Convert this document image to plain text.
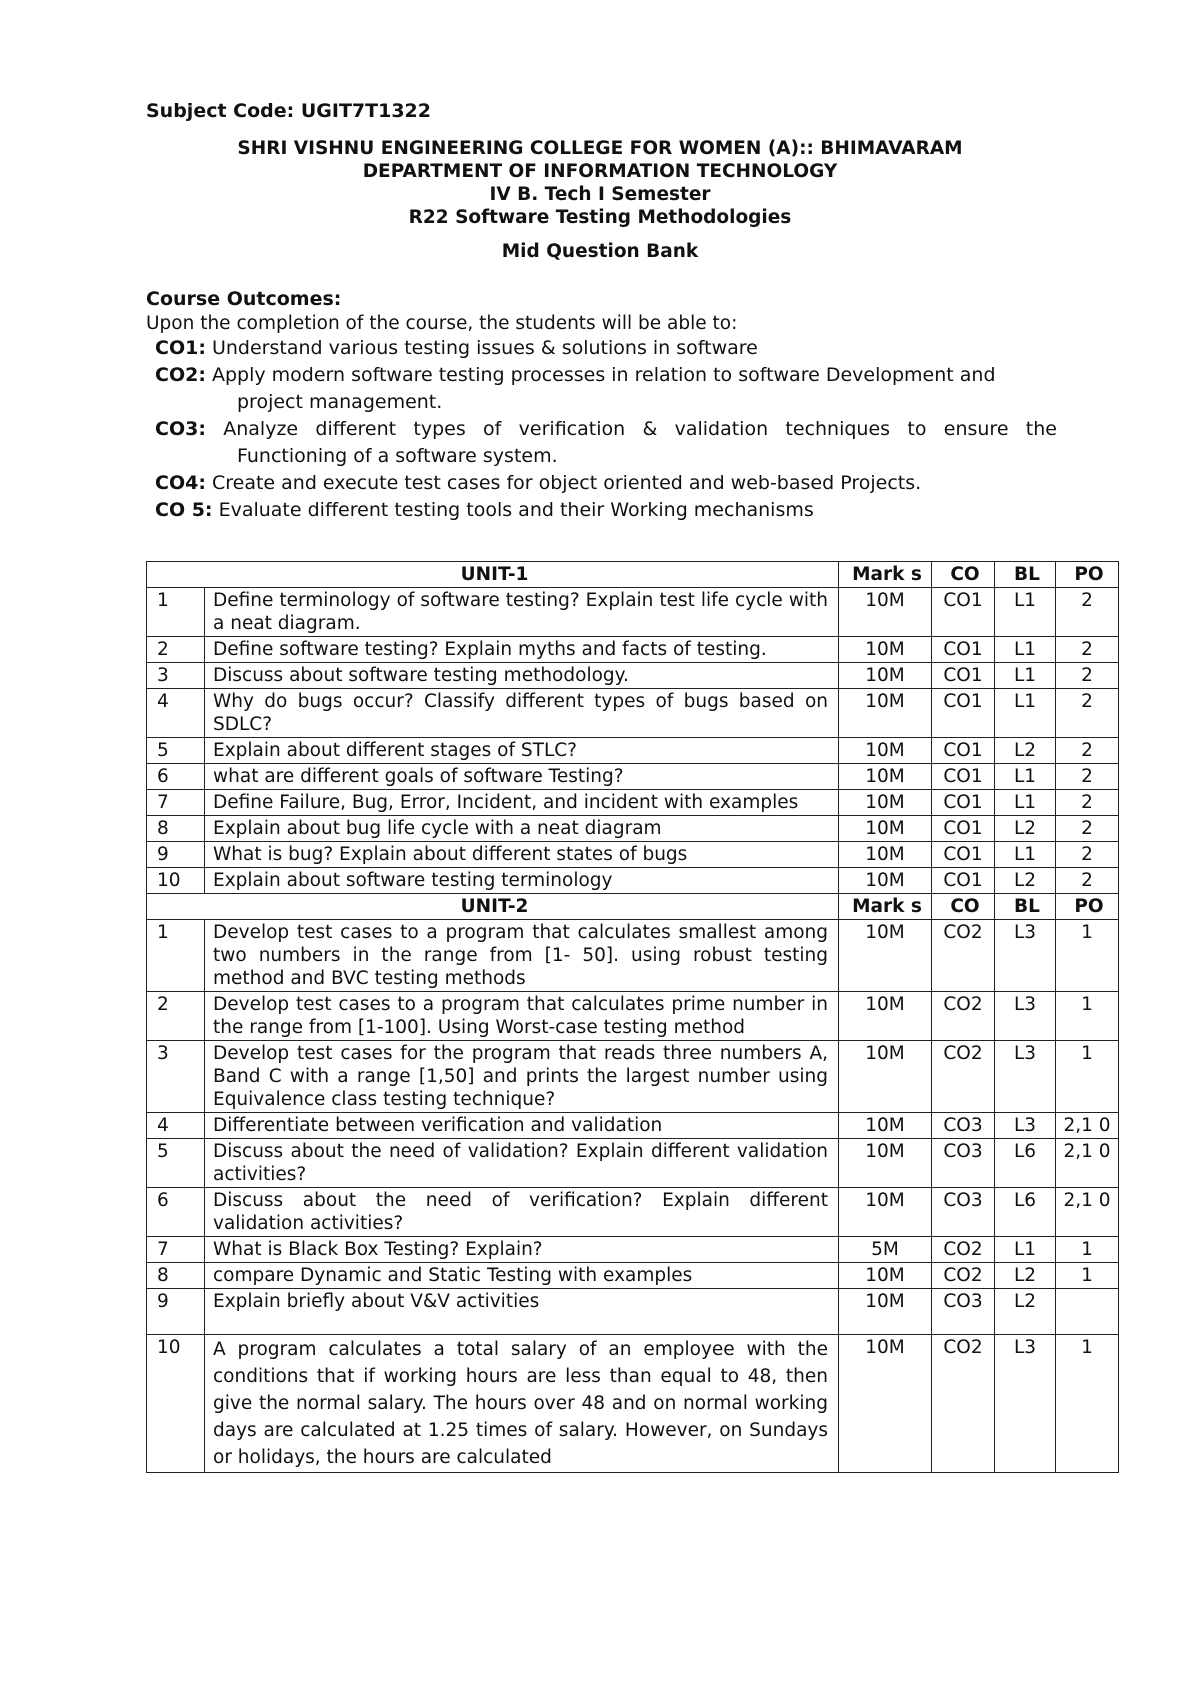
Subject Code: UGIT7T1322
SHRI VISHNU ENGINEERING COLLEGE FOR WOMEN (A):: BHIMAVARAM
DEPARTMENT OF INFORMATION TECHNOLOGY
IV B. Tech I Semester
R22 Software Testing Methodologies
Mid Question Bank
Course Outcomes:
Upon the completion of the course, the students will be able to:
CO1: Understand various testing issues & solutions in software
CO2: Apply modern software testing processes in relation to software Development and
project management.
CO3: Analyze different types of verification & validation techniques to ensure the
Functioning of a software system.
CO4: Create and execute test cases for object oriented and web-based Projects.
CO 5: Evaluate different testing tools and their Working mechanisms
UNIT-1		Mark s	CO	BL	PO
1	Define terminology of software testing? Explain test life cycle with a neat diagram.	10M	CO1	L1	2
2	Define software testing? Explain myths and facts of testing.	10M	CO1	L1	2
3	Discuss about software testing methodology.	10M	CO1	L1	2
4	Why do bugs occur? Classify different types of bugs based on SDLC?	10M	CO1	L1	2
5	Explain about different stages of STLC?	10M	CO1	L2	2
6	what are different goals of software Testing?	10M	CO1	L1	2
7	Define Failure, Bug, Error, Incident, and incident with examples	10M	CO1	L1	2
8	Explain about bug life cycle with a neat diagram	10M	CO1	L2	2
9	What is bug? Explain about different states of bugs	10M	CO1	L1	2
10	Explain about software testing terminology	10M	CO1	L2	2
UNIT-2		Mark s	CO	BL	PO
1	Develop test cases to a program that calculates smallest among two numbers in the range from [1- 50]. using robust testing method and BVC testing methods	10M	CO2	L3	1
2	Develop test cases to a program that calculates prime number in the range from [1-100]. Using Worst-case testing method	10M	CO2	L3	1
3	Develop test cases for the program that reads three numbers A, Band C with a range [1,50] and prints the largest number using Equivalence class testing technique?	10M	CO2	L3	1
4	Differentiate between verification and validation	10M	CO3	L3	2,1 0
5	Discuss about the need of validation? Explain different validation activities?	10M	CO3	L6	2,1 0
6	Discuss about the need of verification? Explain different validation activities?	10M	CO3	L6	2,1 0
7	What is Black Box Testing? Explain?	5M	CO2	L1	1
8	compare Dynamic and Static Testing with examples	10M	CO2	L2	1
9	Explain briefly about V&V activities	10M	CO3	L2	
10	A program calculates a total salary of an employee with the conditions that if working hours are less than equal to 48, then give the normal salary. The hours over 48 and on normal working days are calculated at 1.25 times of salary. However, on Sundays or holidays, the hours are calculated	10M	CO2	L3	1
